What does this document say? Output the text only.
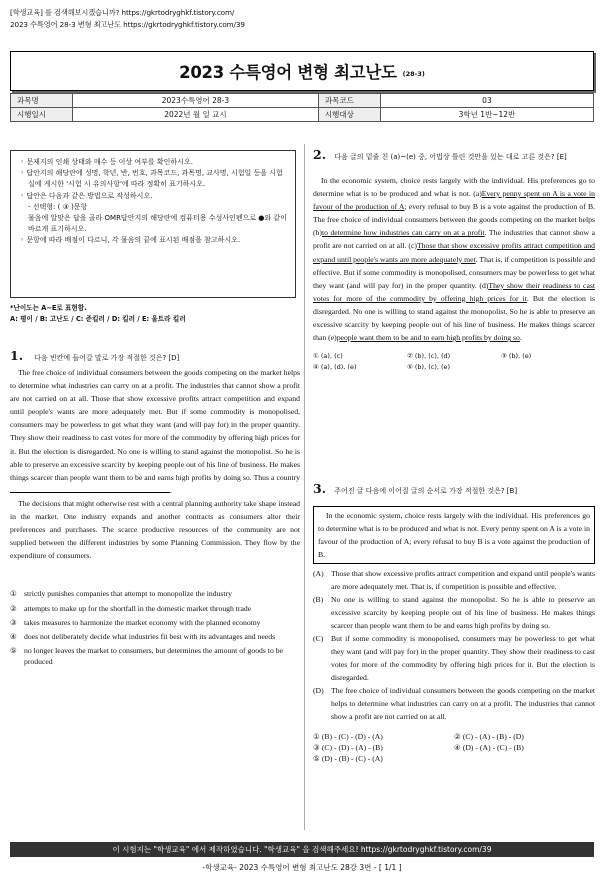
[학생교육] 를 검색해보시겠습니까? https://gkrtodryghkf.tistory.com/
2023 수특영어 28-3 변형 최고난도 https://gkrtodryghkf.tistory.com/39
2023 수특영어 변형 최고난도 (28-3)
과목명	2023수특영어 28-3	과목코드	03
시행일시	2022년 월 일 교시	시행대상	3학년 1반~12반
◦ 문제지의 인쇄 상태와 매수 등 이상 여부를 확인하시오.
◦ 답안지의 해당란에 성명, 학년, 반, 번호, 과목코드, 과목명, 교사명, 시험일 등을 시험실에 게시한 '시험 시 유의사항'에 따라 정확히 표기하시오.
◦ 답안은 다음과 같은 방법으로 작성하시오.
- 선택형: ( ③ )문항
물음에 알맞은 답을 골라 OMR답안지의 해당란에 컴퓨터용 수성사인펜으로 ●와 같이 바르게 표기하시오.
◦ 문항에 따라 배점이 다르니, 각 물음의 끝에 표시된 배점을 참고하시오.
*난이도는 A~E로 표현함.
A: 평이 / B: 고난도 / C: 준킬러 / D: 킬러 / E: 울트라 킬러
1. 다음 빈칸에 들어갈 말로 가장 적절한 것은? [D]
The free choice of individual consumers between the goods competing on the market helps to determine what industries can carry on at a profit. The industries that cannot show a profit are not carried on at all. Those that show excessive profits attract competition and expand until people's wants are more adequately met. But if some commodity is monopolised, consumers may be powerless to get what they want (and will pay for) in the proper quantity. They show their readiness to cast votes for more of the commodity by offering high prices for it. But the election is disregarded. No one is willing to stand against the monopolist. So he is able to preserve an excessive scarcity by keeping people out of his line of business. He makes things scarcer than people want them to be and earns high profits by doing so. Thus a country .
The decisions that might otherwise rest with a central planning authority take shape instead in the market. One industry expands and another contracts as consumers alter their preferences and purchases. The scarce productive resources of the community are not supplied between the different industries by some Planning Commission. They flow by the expenditure of consumers.
① strictly punishes companies that attempt to monopolize the industry
② attempts to make up for the shortfall in the domestic market through trade
③ takes measures to harmonize the market economy with the planned economy
④ does not deliberately decide what industries fit best with its advantages and needs
⑤ no longer leaves the market to consumers, but determines the amount of goods to be produced
2. 다음 글의 밑줄 친 (a)~(e) 중, 어법상 틀린 것만을 있는 대로 고른 것은? [E]
In the economic system, choice rests largely with the individual. His preferences go to determine what is to be produced and what is not. (a)Every penny spent on A is a vote in favour of the production of A; every refusal to buy B is a vote against the production of B. The free choice of individual consumers between the goods competing on the market helps (b)to determine how industries can carry on at a profit. The industries that cannot show a profit are not carried on at all. (c)Those that show excessive profits attract competition and expand until people's wants are more adequately met. That is, if competition is possible and effective. But if some commodity is monopolised, consumers may be powerless to get what they want (and will pay for) in the proper quantity. (d)They show their readiness to cast votes for more of the commodity by offering high prices for it. But the election is disregarded. No one is willing to stand against the monopolist. So he is able to preserve an excessive scarcity by keeping people out of his line of business. He makes things scarcer than (e)people want them to be and to earn high profits by doing so.
① (a), (c)	② (b), (c), (d)	③ (b), (e)
④ (a), (d), (e)	⑤ (b), (c), (e)
3. 주어진 글 다음에 이어질 글의 순서로 가장 적절한 것은? [B]
In the economic system, choice rests largely with the individual. His preferences go to determine what is to be produced and what is not. Every penny spent on A is a vote in favour of the production of A; every refusal to buy B is a vote against the production of B.
(A) Those that show excessive profits attract competition and expand until people's wants are more adequately met. That is, if competition is possible and effective.
(B) No one is willing to stand against the monopolist. So he is able to preserve an excessive scarcity by keeping people out of his line of business. He makes things scarcer than people want them to be and earns high profits by doing so.
(C) But if some commodity is monopolised, consumers may be powerless to get what they want (and will pay for) in the proper quantity. They show their readiness to cast votes for more of the commodity by offering high prices for it. But the election is disregarded.
(D) The free choice of individual consumers between the goods competing on the market helps to determine what industries can carry on at a profit. The industries that cannot show a profit are not carried on at all.
① (B) - (C) - (D) - (A)	② (C) - (A) - (B) - (D)
③ (C) - (D) - (A) - (B)	④ (D) - (A) - (C) - (B)
⑤ (D) - (B) - (C) - (A)
이 시험지는 "학생교육" 에서 제작하였습니다. "학생교육" 을 검색해주세요! https://gkrtodryghkf.tistory.com/39
-학생교육- 2023 수특영어 변형 최고난도 28강 3번 - [ 1/1 ]
